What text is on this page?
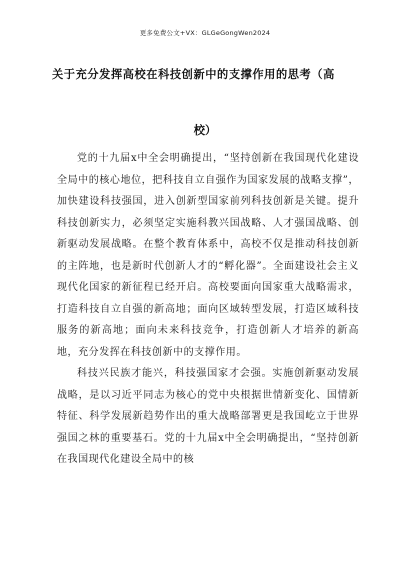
更多免费公文+VX：GLGeGongWen2024
关于充分发挥高校在科技创新中的支撑作用的思考（高
校）

党的十九届x中全会明确提出，“坚持创新在我国现代化建设全局中的核心地位，把科技自立自强作为国家发展的战略支撑”，加快建设科技强国，进入创新型国家前列科技创新是关键。提升科技创新实力，必须坚定实施科教兴国战略、人才强国战略、创新驱动发展战略。在整个教育体系中，高校不仅是推动科技创新的主阵地，也是新时代创新人才的“孵化器”。全面建设社会主义现代化国家的新征程已经开启。高校要面向国家重大战略需求，打造科技自立自强的新高地；面向区域转型发展，打造区域科技服务的新高地；面向未来科技竞争，打造创新人才培养的新高地，充分发挥在科技创新中的支撑作用。

科技兴民族才能兴，科技强国家才会强。实施创新驱动发展战略，是以习近平同志为核心的党中央根据世情新变化、国情新特征、科学发展新趋势作出的重大战略部署更是我国屹立于世界强国之林的重要基石。党的十九届x中全会明确提出，“坚持创新在我国现代化建设全局中的核
